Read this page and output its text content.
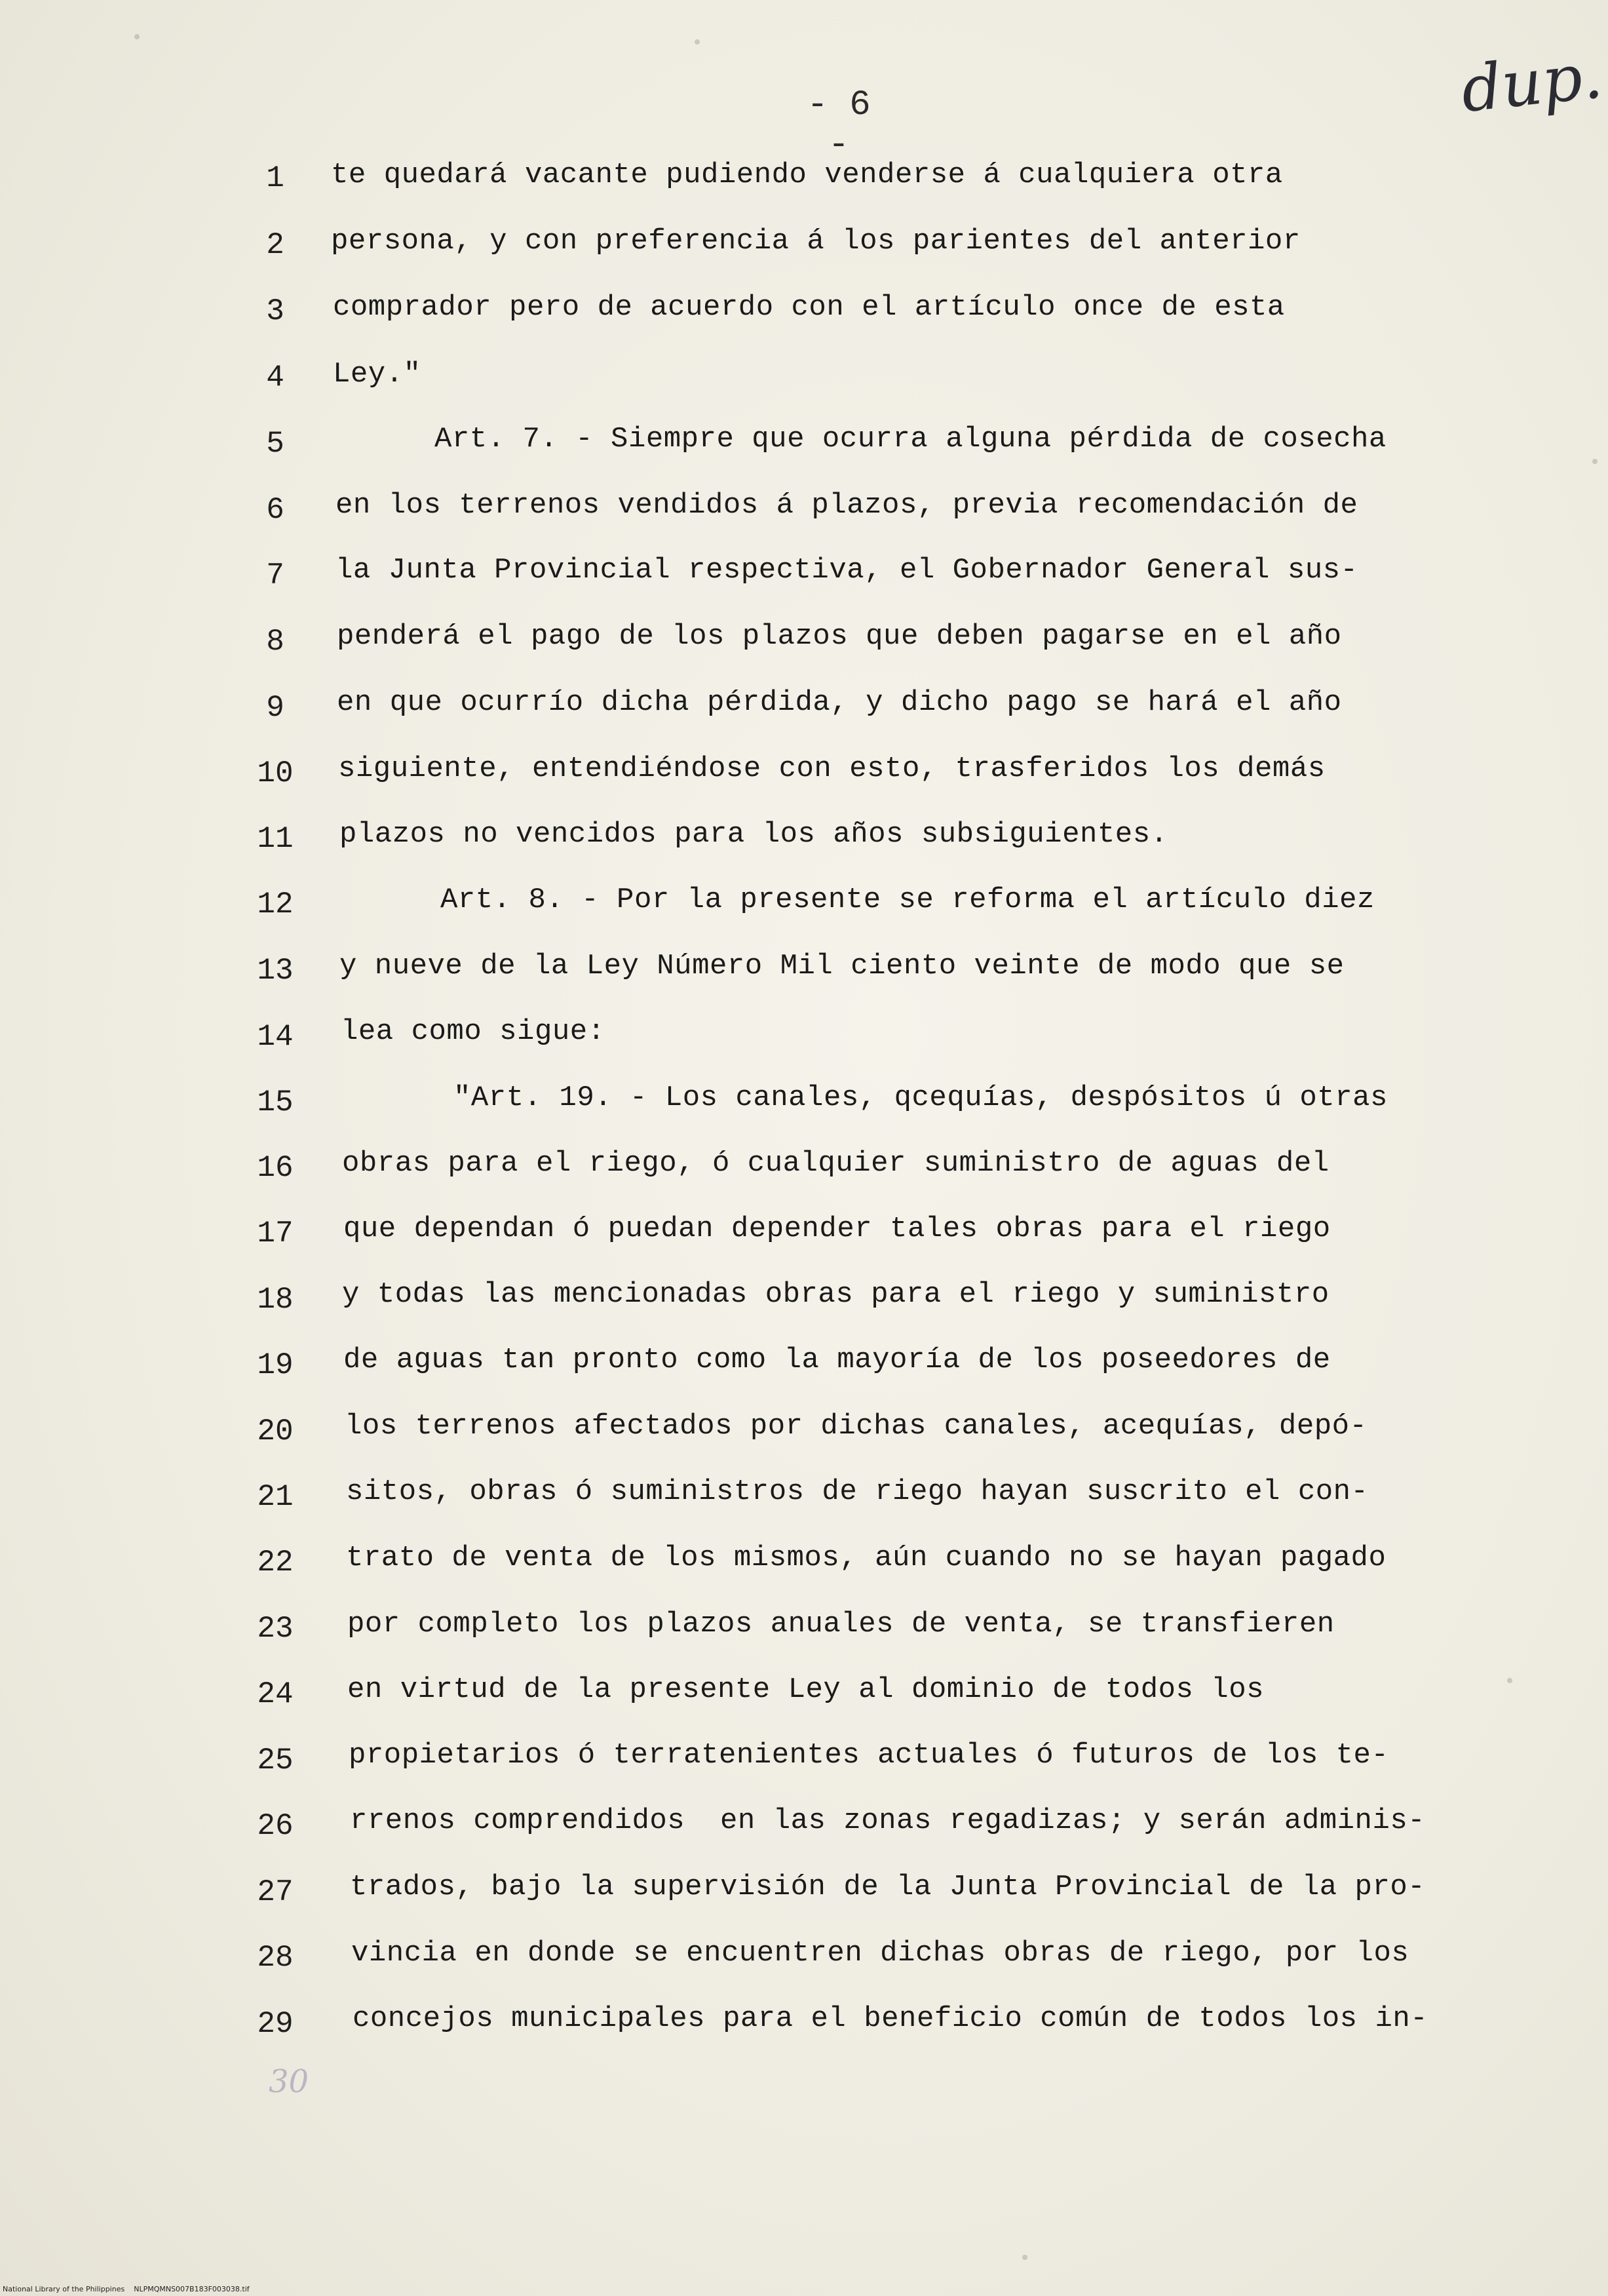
dup.
- 6 -
1	te quedará vacante pudiendo venderse á cualquiera otra
2	persona, y con preferencia á los parientes del anterior
3	comprador pero de acuerdo con el artículo once de esta
4	Ley."
5	Art. 7. - Siempre que ocurra alguna pérdida de cosecha
6	en los terrenos vendidos á plazos, previa recomendación de
7	la Junta Provincial respectiva, el Gobernador General sus-
8	penderá el pago de los plazos que deben pagarse en el año
9	en que ocurrío dicha pérdida, y dicho pago se hará el año
10	siguiente, entendiéndose con esto, trasferidos los demás
11	plazos no vencidos para los años subsiguientes.
12	Art. 8. - Por la presente se reforma el artículo diez
13	y nueve de la Ley Número Mil ciento veinte de modo que se
14	lea como sigue:
15	"Art. 19. - Los canales, qcequías, despósitos ú otras
16	obras para el riego, ó cualquier suministro de aguas del
17	que dependan ó puedan depender tales obras para el riego
18	y todas las mencionadas obras para el riego y suministro
19	de aguas tan pronto como la mayoría de los poseedores de
20	los terrenos afectados por dichas canales, acequías, depó-
21	sitos, obras ó suministros de riego hayan suscrito el con-
22	trato de venta de los mismos, aún cuando no se hayan pagado
23	por completo los plazos anuales de venta, se transfieren
24	en virtud de la presente Ley al dominio de todos los
25	propietarios ó terratenientes actuales ó futuros de los te-
26	rrenos comprendidos  en las zonas regadizas; y serán adminis-
27	trados, bajo la supervisión de la Junta Provincial de la pro-
28	vincia en donde se encuentren dichas obras de riego, por los
29	concejos municipales para el beneficio común de todos los in-
30
National Library of the Philippines NLPMQMNS007B183F003038.tif
